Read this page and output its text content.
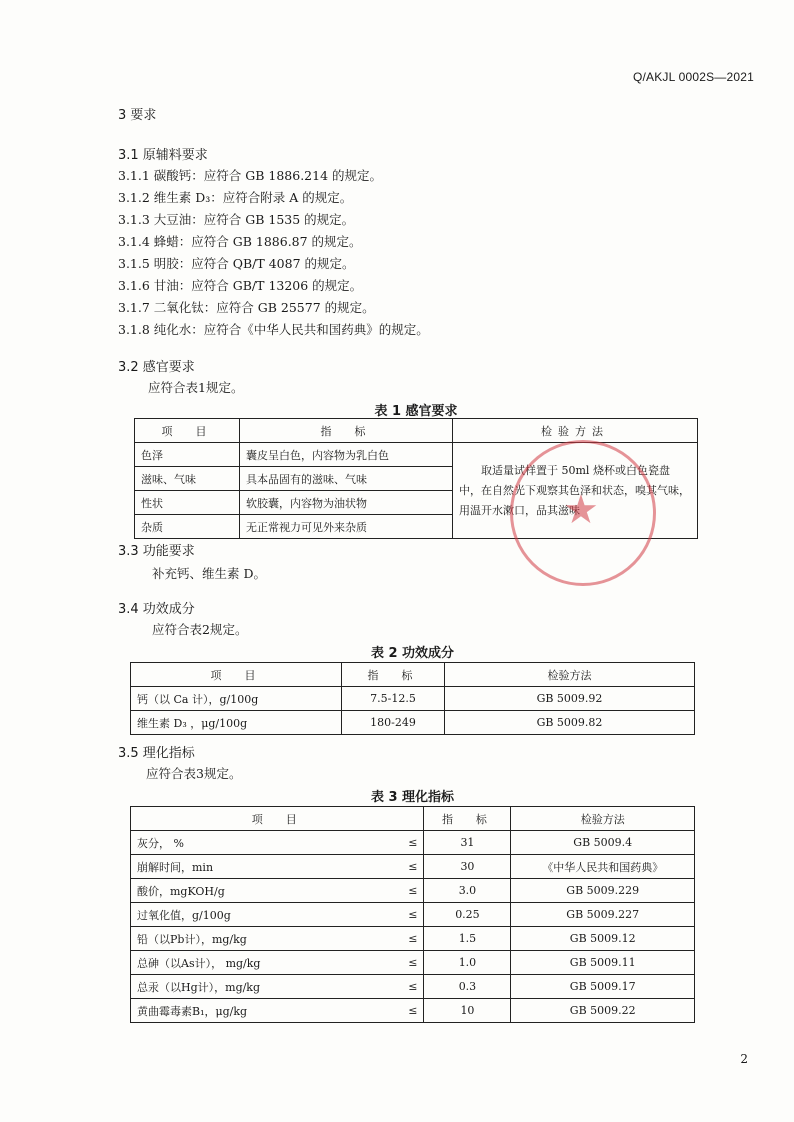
Q/AKJL 0002S—2021
3 要求
3.1 原辅料要求
3.1.1 碳酸钙：应符合 GB 1886.214 的规定。
3.1.2 维生素 D₃：应符合附录 A 的规定。
3.1.3 大豆油：应符合 GB 1535 的规定。
3.1.4 蜂蜡：应符合 GB 1886.87 的规定。
3.1.5 明胶：应符合 QB/T 4087 的规定。
3.1.6 甘油：应符合 GB/T 13206 的规定。
3.1.7 二氧化钛：应符合 GB 25577 的规定。
3.1.8 纯化水：应符合《中华人民共和国药典》的规定。
3.2 感官要求
应符合表1规定。
表 1 感官要求
项　目	指　标	检验方法
色泽	囊皮呈白色，内容物为乳白色	取适量试样置于 50ml 烧杯或白色瓷盘中，在自然光下观察其色泽和状态，嗅其气味，用温开水漱口，品其滋味
滋味、气味	具本品固有的滋味、气味	
性状	软胶囊，内容物为油状物	
杂质	无正常视力可见外来杂质		★
3.3 功能要求
补充钙、维生素 D。
3.4 功效成分
应符合表2规定。
表 2 功效成分
项　目	指　标	检验方法
钙（以 Ca 计），g/100g	7.5-12.5	GB 5009.92
维生素 D₃ ，μg/100g	180-249	GB 5009.82
3.5 理化指标
应符合表3规定。
表 3 理化指标
项　目		指　标	检验方法
灰分， %	≤	31	GB 5009.4
崩解时间，min	≤	30	《中华人民共和国药典》
酸价，mgKOH/g	≤	3.0	GB 5009.229
过氧化值，g/100g	≤	0.25	GB 5009.227
铅（以Pb计），mg/kg	≤	1.5	GB 5009.12
总砷（以As计）， mg/kg	≤	1.0	GB 5009.11
总汞（以Hg计），mg/kg	≤	0.3	GB 5009.17
黄曲霉毒素B₁，μg/kg	≤	10	GB 5009.22
2
